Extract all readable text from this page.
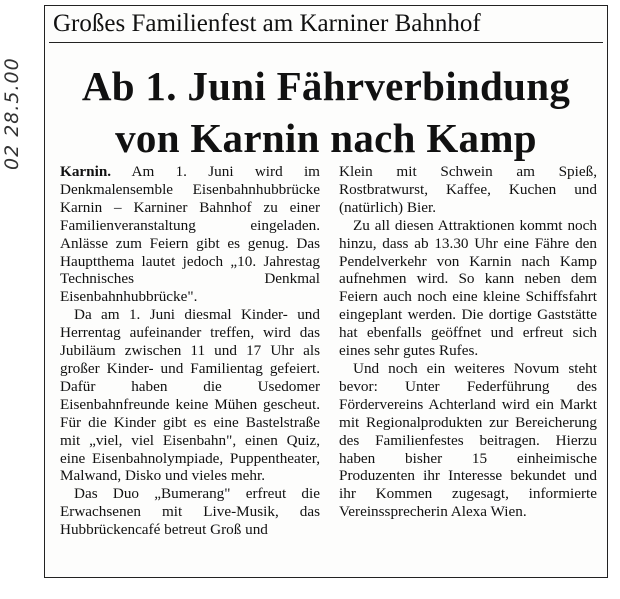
02 28.5.00
Großes Familienfest am Karniner Bahnhof
Ab 1. Juni Fährverbindung
von Karnin nach Kamp

Karnin. Am 1. Juni wird im Denkmalensemble Eisenbahnhubbrücke Karnin – Karniner Bahnhof zu einer Familienveranstaltung eingeladen. Anlässe zum Feiern gibt es genug. Das Hauptthema lautet jedoch „10. Jahrestag Technisches Denkmal Eisenbahnhubbrücke".

Da am 1. Juni diesmal Kinder- und Herrentag aufeinander treffen, wird das Jubiläum zwischen 11 und 17 Uhr als großer Kinder- und Familientag gefeiert. Dafür haben die Usedomer Eisenbahnfreunde keine Mühen gescheut. Für die Kinder gibt es eine Bastelstraße mit „viel, viel Eisenbahn", einen Quiz, eine Eisenbahnolympiade, Puppentheater, Malwand, Disko und vieles mehr.

Das Duo „Bumerang" erfreut die Erwachsenen mit Live-Musik, das Hubbrückencafé betreut Groß und

Klein mit Schwein am Spieß, Rostbratwurst, Kaffee, Kuchen und (natürlich) Bier.

Zu all diesen Attraktionen kommt noch hinzu, dass ab 13.30 Uhr eine Fähre den Pendelverkehr von Karnin nach Kamp aufnehmen wird. So kann neben dem Feiern auch noch eine kleine Schiffsfahrt eingeplant werden. Die dortige Gaststätte hat ebenfalls geöffnet und erfreut sich eines sehr gutes Rufes.

Und noch ein weiteres Novum steht bevor: Unter Federführung des Fördervereins Achterland wird ein Markt mit Regionalprodukten zur Bereicherung des Familienfestes beitragen. Hierzu haben bisher 15 einheimische Produzenten ihr Interesse bekundet und ihr Kommen zugesagt, informierte Vereinssprecherin Alexa Wien.
